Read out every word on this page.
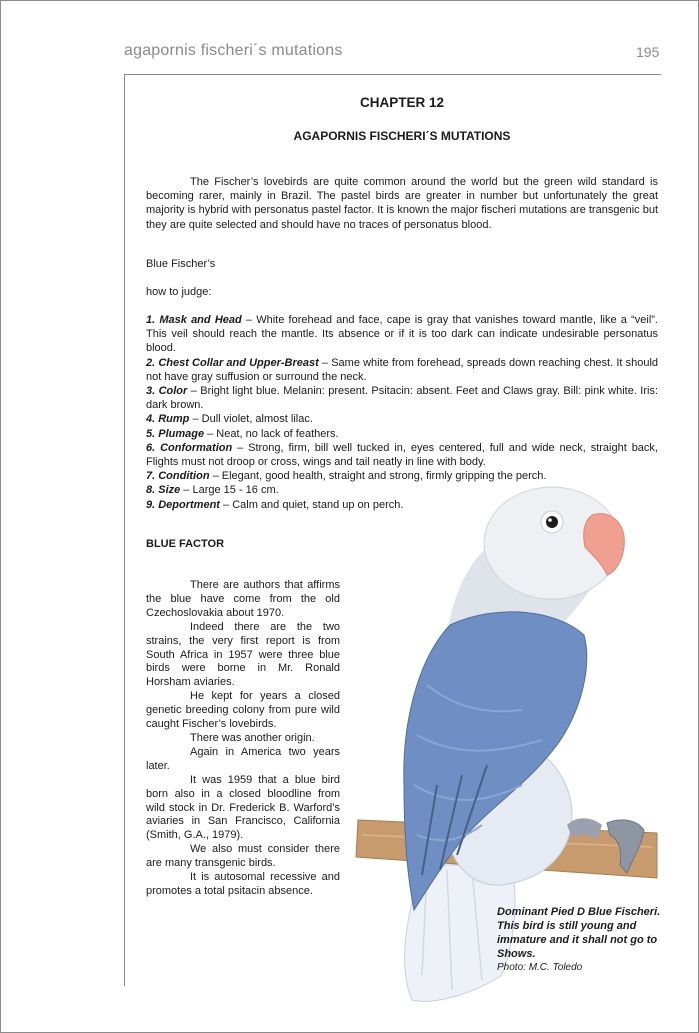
agapornis fischeri´s mutations	195
CHAPTER 12
AGAPORNIS FISCHERI´S MUTATIONS

The Fischer’s lovebirds are quite common around the world but the green wild standard is becoming rarer, mainly in Brazil. The pastel birds are greater in number but unfortunately the great majority is hybrid with personatus pastel factor. It is known the major fischeri mutations are transgenic but they are quite selected and should have no traces of personatus blood.

Blue Fischer’s
how to judge:
1. Mask and Head – White forehead and face, cape is gray that vanishes toward mantle, like a “veil”. This veil should reach the mantle. Its absence or if it is too dark can indicate undesirable personatus blood.
2. Chest Collar and Upper-Breast – Same white from forehead, spreads down reaching chest. It should not have gray suffusion or surround the neck.
3. Color – Bright light blue. Melanin: present. Psitacin: absent. Feet and Claws gray. Bill: pink white. Iris: dark brown.
4. Rump – Dull violet, almost lilac.
5. Plumage – Neat, no lack of feathers.
6. Conformation – Strong, firm, bill well tucked in, eyes centered, full and wide neck, straight back, Flights must not droop or cross, wings and tail neatly in line with body.
7. Condition – Elegant, good health, straight and strong, firmly gripping the perch.
8. Size – Large 15 - 16 cm.
9. Deportment – Calm and quiet, stand up on perch.
BLUE FACTOR

There are authors that affirms the blue have come from the old Czechoslovakia about 1970.

Indeed there are the two strains, the very first report is from South Africa in 1957 were three blue birds were borne in Mr. Ronald Horsham aviaries.

He kept for years a closed genetic breeding colony from pure wild caught Fischer’s lovebirds.

There was another origin.

Again in America two years later.

It was 1959 that a blue bird born also in a closed bloodline from wild stock in Dr. Frederick B. Warford’s aviaries in San Francisco, California (Smith, G.A., 1979).

We also must consider there are many transgenic birds.

It is autosomal recessive and promotes a total psitacin absence.

Dominant Pied D Blue Fischeri. This bird is still young and immature and it shall not go to Shows.
Photo: M.C. Toledo
